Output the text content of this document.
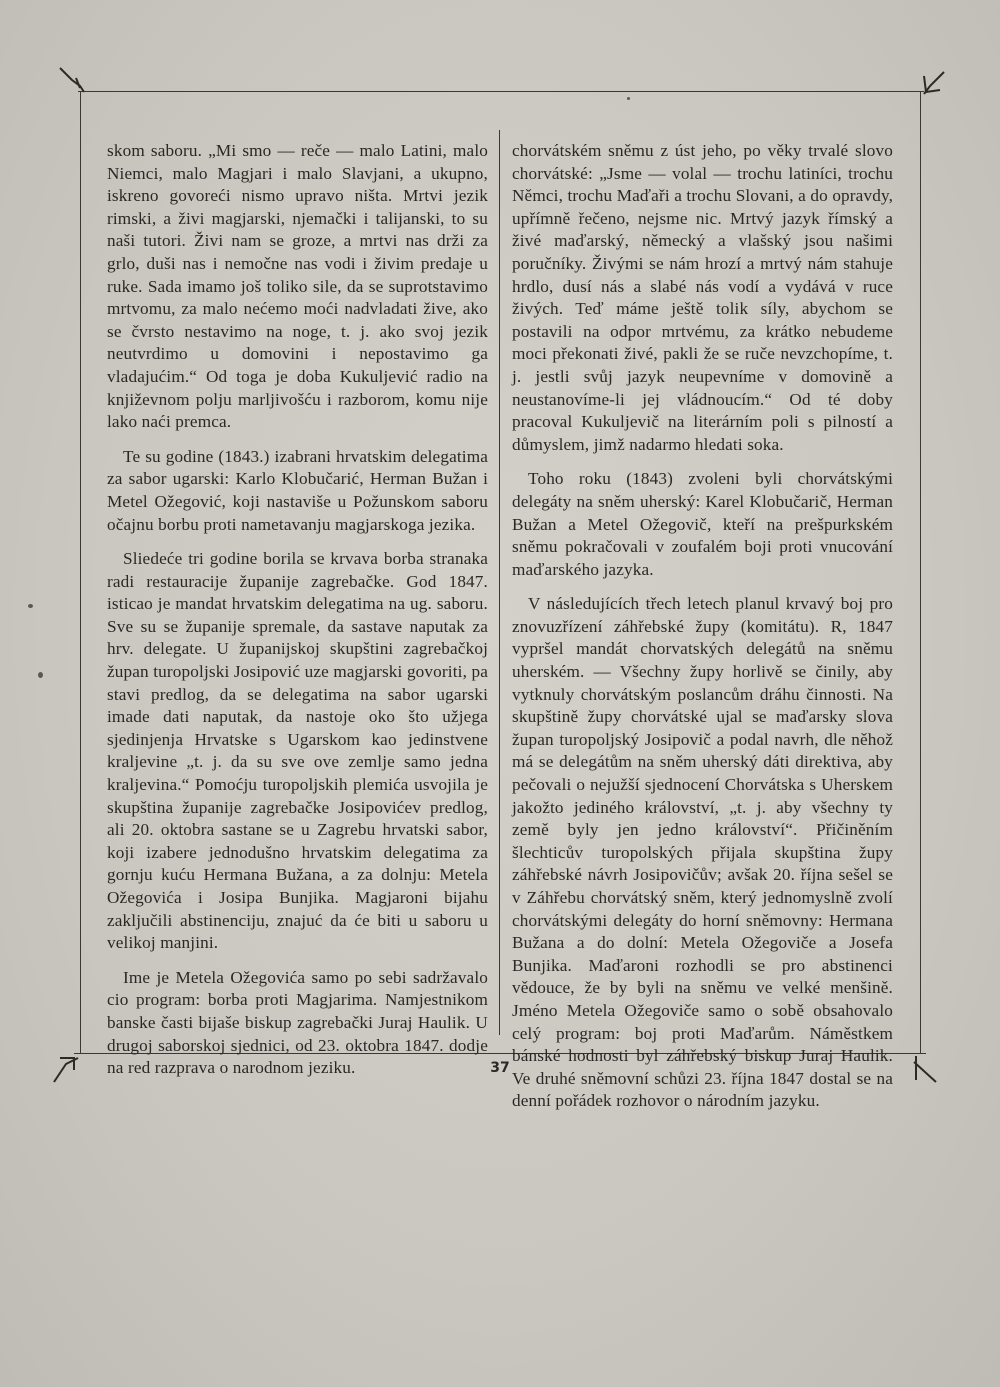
skom saboru. „Mi smo — reče — malo Latini, malo Niemci, malo Magjari i malo Slavjani, a ukupno, iskreno govoreći nismo upravo ništa. Mrtvi jezik rimski, a živi magjarski, njemački i talijanski, to su naši tutori. Živi nam se groze, a mrtvi nas drži za grlo, duši nas i nemočne nas vodi i živim predaje u ruke. Sada imamo još toliko sile, da se suprotstavimo mrtvomu, za malo nećemo moći nadvladati žive, ako se čvrsto nestavimo na noge, t. j. ako svoj jezik neutvrdimo u domovini i nepostavimo ga vladajućim.“ Od toga je doba Kukuljević radio na književnom polju marljivošću i razborom, komu nije lako naći premca.

Te su godine (1843.) izabrani hrvatskim delegatima za sabor ugarski: Karlo Klobučarić, Herman Bužan i Metel Ožegović, koji nastaviše u Požunskom saboru očajnu borbu proti nametavanju magjarskoga jezika.

Sliedeće tri godine borila se krvava borba stranaka radi restauracije županije zagrebačke. God 1847. isticao je mandat hrvatskim delegatima na ug. saboru. Sve su se županije spremale, da sastave naputak za hrv. delegate. U županijskoj skupštini zagrebačkoj župan turopoljski Josipović uze magjarski govoriti, pa stavi predlog, da se delegatima na sabor ugarski imade dati naputak, da nastoje oko što užjega sjedinjenja Hrvatske s Ugarskom kao jedinstvene kraljevine „t. j. da su sve ove zemlje samo jedna kraljevina.“ Pomoćju turopoljskih plemića usvojila je skupština županije zagrebačke Josipovićev predlog, ali 20. oktobra sastane se u Zagrebu hrvatski sabor, koji izabere jednodušno hrvatskim delegatima za gornju kuću Hermana Bužana, a za dolnju: Metela Ožegovića i Josipa Bunjika. Magjaroni bijahu zaključili abstinenciju, znajuć da će biti u saboru u velikoj manjini.

Ime je Metela Ožegovića samo po sebi sadržavalo cio program: borba proti Magjarima. Namjestnikom banske časti bijaše biskup zagrebački Juraj Haulik. U drugoj saborskoj sjednici, od 23. oktobra 1847. dodje na red razprava o narodnom jeziku.

chorvátském sněmu z úst jeho, po věky trvalé slovo chorvátské: „Jsme — volal — trochu latiníci, trochu Němci, trochu Maďaři a trochu Slovani, a do opravdy, upřímně řečeno, nejsme nic. Mrtvý jazyk římský a živé maďarský, německý a vlašský jsou našimi poručníky. Živými se nám hrozí a mrtvý nám stahuje hrdlo, dusí nás a slabé nás vodí a vydává v ruce živých. Teď máme ještě tolik síly, abychom se postavili na odpor mrtvému, za krátko nebudeme moci překonati živé, pakli že se ruče nevzchopíme, t. j. jestli svůj jazyk neupevníme v domovině a neustanovíme-li jej vládnoucím.“ Od té doby pracoval Kukuljevič na literárním poli s pilností a důmyslem, jimž nadarmo hledati soka.

Toho roku (1843) zvoleni byli chorvátskými delegáty na sněm uherský: Karel Klobučarič, Herman Bužan a Metel Ožegovič, kteří na prešpurkském sněmu pokračovali v zoufalém boji proti vnucování maďarského jazyka.

V následujících třech letech planul krvavý boj pro znovuzřízení záhřebské župy (komitátu). R, 1847 vypršel mandát chorvatských delegátů na sněmu uherském. — Všechny župy horlivě se činily, aby vytknuly chorvátským poslancům dráhu činnosti. Na skupštině župy chorvátské ujal se maďarsky slova župan turopoljský Josipovič a podal navrh, dle něhož má se delegátům na sněm uherský dáti direktiva, aby pečovali o nejužší sjednocení Chorvátska s Uherskem jakožto jediného království, „t. j. aby všechny ty země byly jen jedno království“. Přičiněním šlechticův turopolských přijala skupština župy záhřebské návrh Josipovičův; avšak 20. října sešel se v Záhřebu chorvátský sněm, který jednomyslně zvolí chorvátskými delegáty do horní sněmovny: Hermana Bužana a do dolní: Metela Ožegoviče a Josefa Bunjika. Maďaroni rozhodli se pro abstinenci vědouce, že by byli na sněmu ve velké menšině. Jméno Metela Ožegoviče samo o sobě obsahovalo celý program: boj proti Maďarům. Náměstkem bánské hodnosti byl záhřebský biskup Juraj Haulik. Ve druhé sněmovní schůzi 23. října 1847 dostal se na denní pořádek rozhovor o národním jazyku.

37
